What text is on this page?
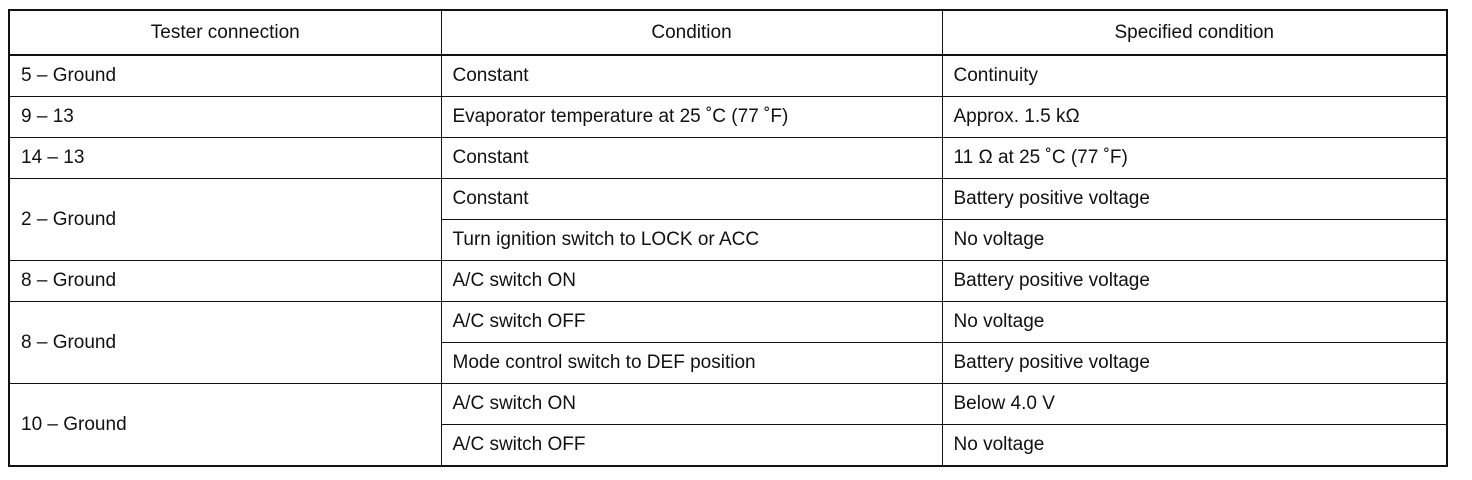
Tester connection	Condition	Specified condition
5 – Ground	Constant	Continuity
9 – 13	Evaporator temperature at 25 ˚C (77 ˚F)	Approx. 1.5 kΩ
14 – 13	Constant	11 Ω at 25 ˚C (77 ˚F)
2 – Ground	Constant	Battery positive voltage
	Turn ignition switch to LOCK or ACC	No voltage
8 – Ground	A/C switch ON	Battery positive voltage
8 – Ground	A/C switch OFF	No voltage
	Mode control switch to DEF position	Battery positive voltage
10 – Ground	A/C switch ON	Below 4.0 V
	A/C switch OFF	No voltage
